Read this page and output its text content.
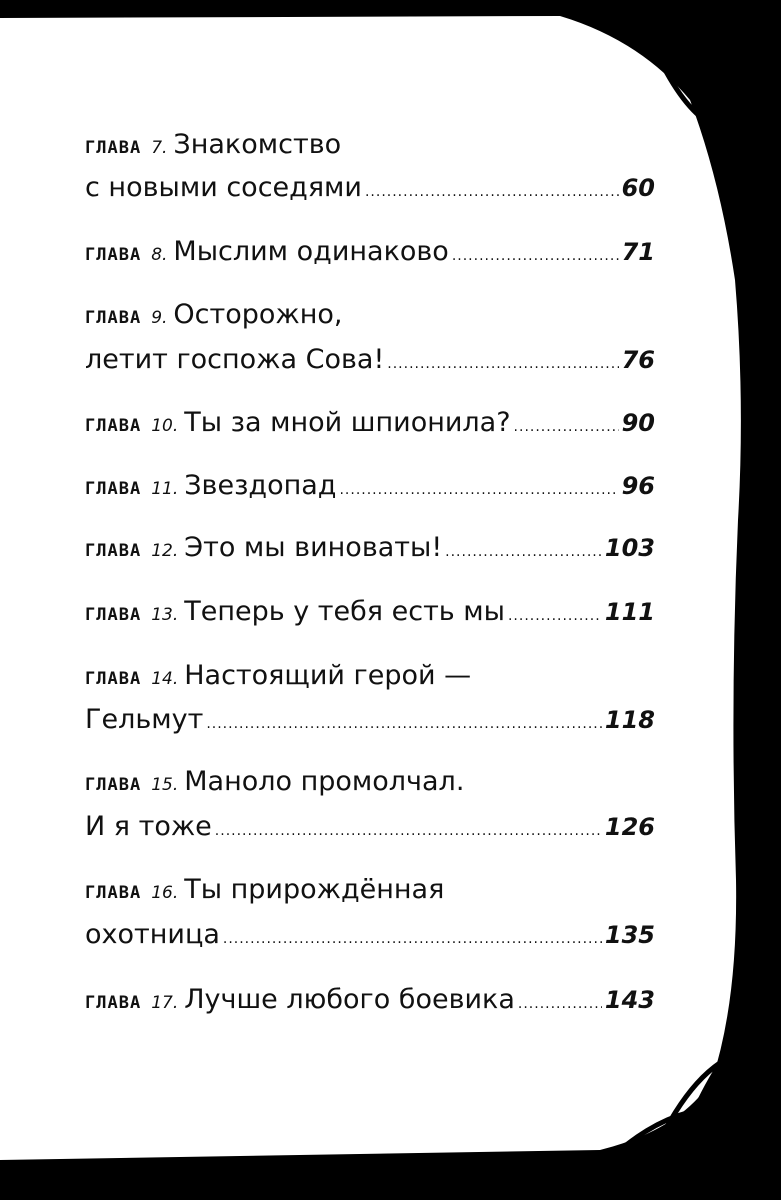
ГЛАВА 7. Знакомство
с новыми соседями .....	60
ГЛАВА 8. Мыслим одинаково .....	71
ГЛАВА 9. Осторожно,
летит госпожа Сова! .....	76
ГЛАВА 10. Ты за мной шпионила? .....	90
ГЛАВА 11. Звездопад .....	96
ГЛАВА 12. Это мы виноваты! .....	103
ГЛАВА 13. Теперь у тебя есть мы .....	111
ГЛАВА 14. Настоящий герой —
Гельмут .....	118
ГЛАВА 15. Маноло промолчал.
И я тоже .....	126
ГЛАВА 16. Ты прирождённая
охотница .....	135
ГЛАВА 17. Лучше любого боевика .....	143
